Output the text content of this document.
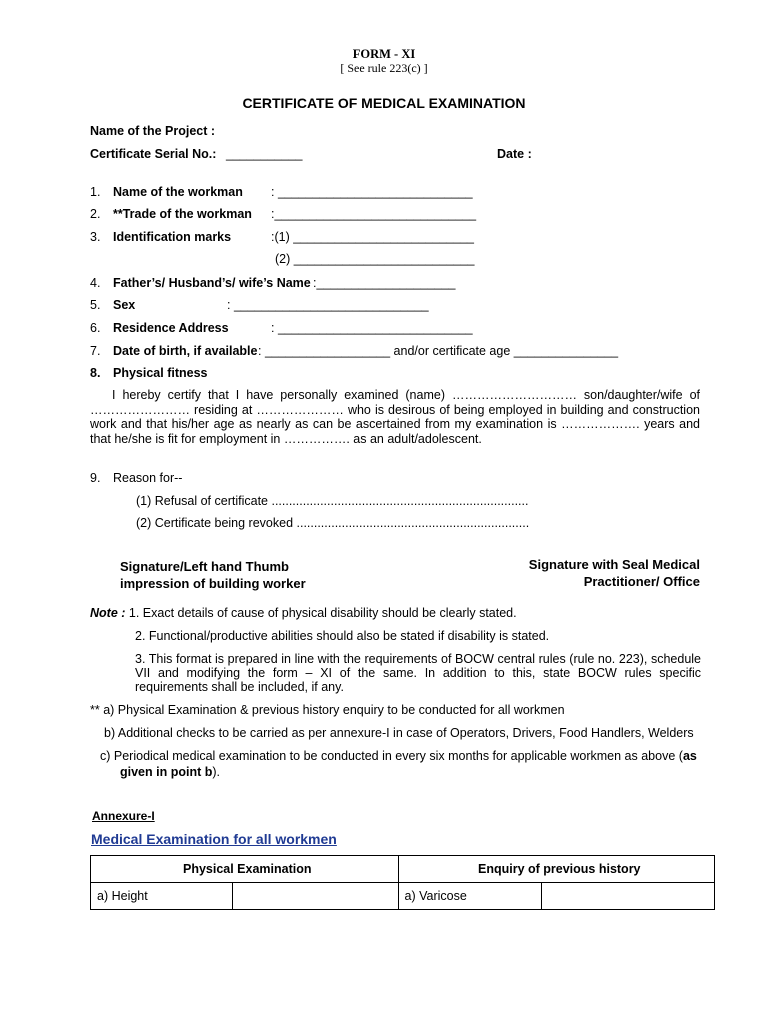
FORM - XI
[ See rule 223(c) ]
CERTIFICATE OF MEDICAL EXAMINATION
Name of the Project :
Certificate Serial No.: ___________	Date :
1. Name of the workman : ____________________________
2. **Trade of the workman :_____________________________
3. Identification marks	:(1) __________________________
(2) __________________________
4. Father’s/ Husband’s/ wife’s Name :____________________
5. Sex	: ____________________________
6. Residence Address	: ____________________________
7. Date of birth, if available : __________________ and/or certificate age _______________
8. Physical fitness
I hereby certify that I have personally examined (name) ………………………… son/daughter/wife of …………………… residing at ………………… who is desirous of being employed in building and construction work and that his/her age as nearly as can be ascertained from my examination is ………………. years and that he/she is fit for employment in ……………. as an adult/adolescent.
9. Reason for--
(1) Refusal of certificate ..........................................................................
(2) Certificate being revoked ...................................................................
Signature/Left hand Thumb
impression of building worker
Signature with Seal Medical
Practitioner/ Office
Note : 1. Exact details of cause of physical disability should be clearly stated.
2. Functional/productive abilities should also be stated if disability is stated.
3. This format is prepared in line with the requirements of BOCW central rules (rule no. 223), schedule VII and modifying the form – XI of the same. In addition to this, state BOCW rules specific requirements shall be included, if any.
** a) Physical Examination & previous history enquiry to be conducted for all workmen
b) Additional checks to be carried as per annexure-I in case of Operators, Drivers, Food Handlers, Welders
c) Periodical medical examination to be conducted in every six months for applicable workmen as above (as
given in point b).
Annexure-I
Medical Examination for all workmen
Physical Examination		Enquiry of previous history	
a) Height		a) Varicose	
